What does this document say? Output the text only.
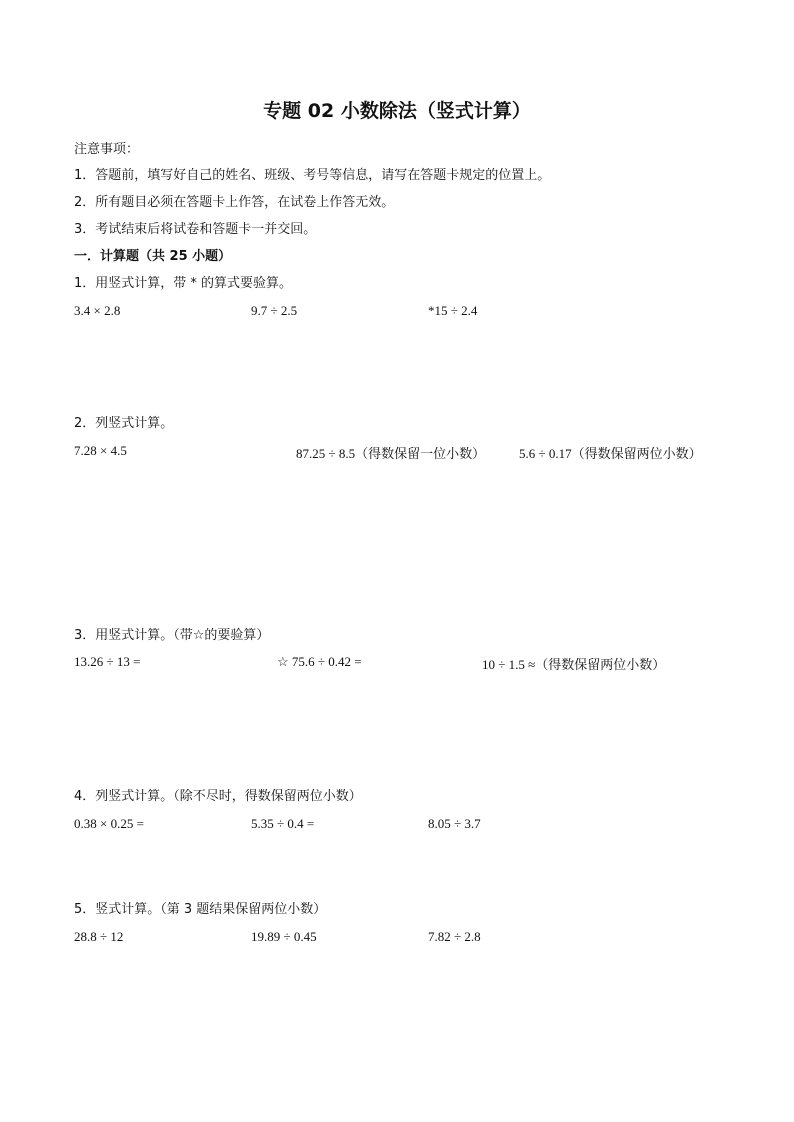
专题 02 小数除法（竖式计算）
注意事项：
1．答题前，填写好自己的姓名、班级、考号等信息，请写在答题卡规定的位置上。
2．所有题目必须在答题卡上作答，在试卷上作答无效。
3．考试结束后将试卷和答题卡一并交回。
一．计算题（共 25 小题）
1．用竖式计算，带 * 的算式要验算。
3.4 × 2.8	9.7 ÷ 2.5	*15 ÷ 2.4
2．列竖式计算。
7.28 × 4.5	87.25 ÷ 8.5（得数保留一位小数）	5.6 ÷ 0.17（得数保留两位小数）
3．用竖式计算。（带☆的要验算）
13.26 ÷ 13 =	☆ 75.6 ÷ 0.42 =	10 ÷ 1.5 ≈（得数保留两位小数）
4．列竖式计算。（除不尽时，得数保留两位小数）
0.38 × 0.25 =	5.35 ÷ 0.4 =	8.05 ÷ 3.7
5．竖式计算。（第 3 题结果保留两位小数）
28.8 ÷ 12	19.89 ÷ 0.45	7.82 ÷ 2.8
